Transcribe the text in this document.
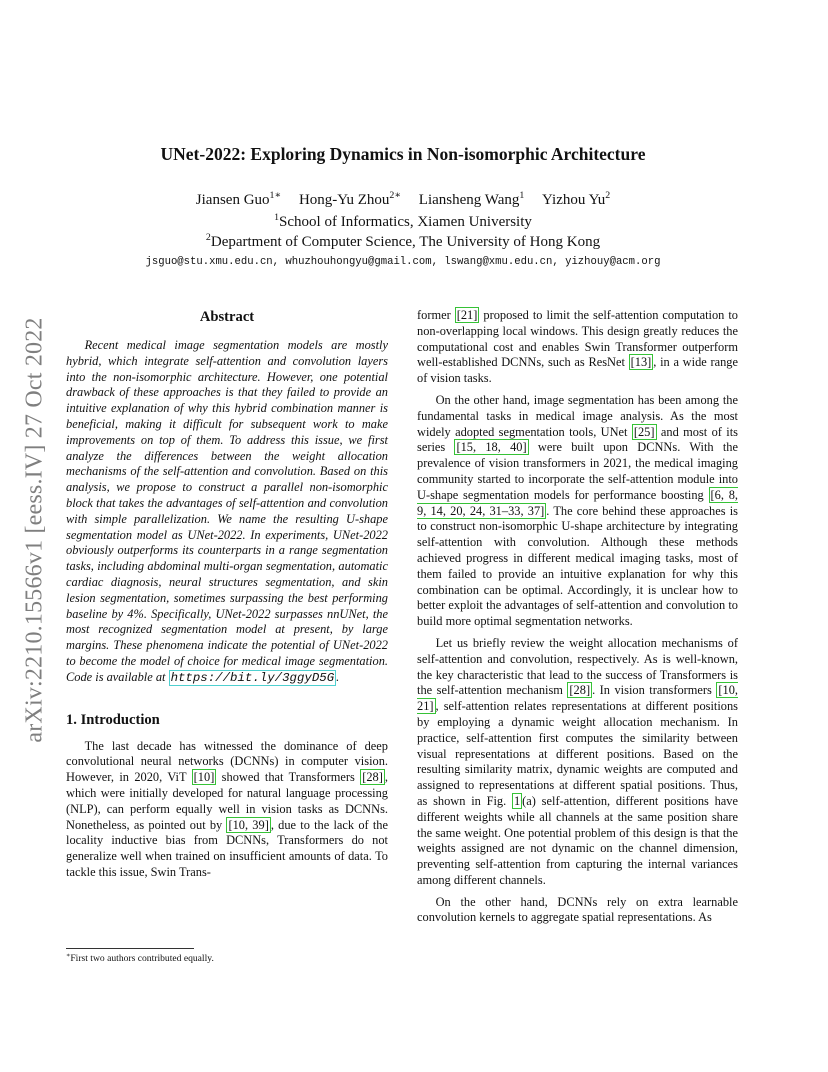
arXiv:2210.15566v1 [eess.IV] 27 Oct 2022
UNet-2022: Exploring Dynamics in Non-isomorphic Architecture
Jiansen Guo$^{1∗}$ Hong-Yu Zhou$^{2∗}$ Liansheng Wang$^1$ Yizhou Yu$^2$
$^1$School of Informatics, Xiamen University
$^2$Department of Computer Science, The University of Hong Kong
jsguo@stu.xmu.edu.cn, whuzhouhongyu@gmail.com, lswang@xmu.edu.cn, yizhouy@acm.org
Abstract

Recent medical image segmentation models are mostly hybrid, which integrate self-attention and convolution layers into the non-isomorphic architecture. However, one potential drawback of these approaches is that they failed to provide an intuitive explanation of why this hybrid combination manner is beneficial, making it difficult for subsequent work to make improvements on top of them. To address this issue, we first analyze the differences between the weight allocation mechanisms of the self-attention and convolution. Based on this analysis, we propose to construct a parallel non-isomorphic block that takes the advantages of self-attention and convolution with simple parallelization. We name the resulting U-shape segmentation model as UNet-2022. In experiments, UNet-2022 obviously outperforms its counterparts in a range segmentation tasks, including abdominal multi-organ segmentation, automatic cardiac diagnosis, neural structures segmentation, and skin lesion segmentation, sometimes surpassing the best performing baseline by 4%. Specifically, UNet-2022 surpasses nnUNet, the most recognized segmentation model at present, by large margins. These phenomena indicate the potential of UNet-2022 to become the model of choice for medical image segmentation. Code is available at https://bit.ly/3ggyD5G .

1. Introduction

The last decade has witnessed the dominance of deep convolutional neural networks (DCNNs) in computer vision. However, in 2020, ViT [10] showed that Transformers [28] , which were initially developed for natural language processing (NLP), can perform equally well in vision tasks as DCNNs. Nonetheless, as pointed out by [10, 39] , due to the lack of the locality inductive bias from DCNNs, Transformers do not generalize well when trained on insufficient amounts of data. To tackle this issue, Swin Trans-

∗First two authors contributed equally.

former [21] proposed to limit the self-attention computation to non-overlapping local windows. This design greatly reduces the computational cost and enables Swin Transformer outperform well-established DCNNs, such as ResNet [13] , in a wide range of vision tasks.

On the other hand, image segmentation has been among the fundamental tasks in medical image analysis. As the most widely adopted segmentation tools, UNet [25] and most of its series [15, 18, 40] were built upon DCNNs. With the prevalence of vision transformers in 2021, the medical imaging community started to incorporate the self-attention module into U-shape segmentation models for performance boosting [6, 8, 9, 14, 20, 24, 31–33, 37] . The core behind these approaches is to construct non-isomorphic U-shape architecture by integrating self-attention with convolution. Although these methods achieved progress in different medical imaging tasks, most of them failed to provide an intuitive explanation for why this combination can be optimal. Accordingly, it is unclear how to better exploit the advantages of self-attention and convolution to build more optimal segmentation networks.

Let us briefly review the weight allocation mechanisms of self-attention and convolution, respectively. As is well-known, the key characteristic that lead to the success of Transformers is the self-attention mechanism [28] . In vision transformers [10, 21] , self-attention relates representations at different positions by employing a dynamic weight allocation mechanism. In practice, self-attention first computes the similarity between visual representations at different positions. Based on the resulting similarity matrix, dynamic weights are computed and assigned to representations at different spatial positions. Thus, as shown in Fig. 1 (a) self-attention, different positions have different weights while all channels at the same position share the same weight. One potential problem of this design is that the weights assigned are not dynamic on the channel dimension, preventing self-attention from capturing the internal variances among different channels.

On the other hand, DCNNs rely on extra learnable convolution kernels to aggregate spatial representations. As
